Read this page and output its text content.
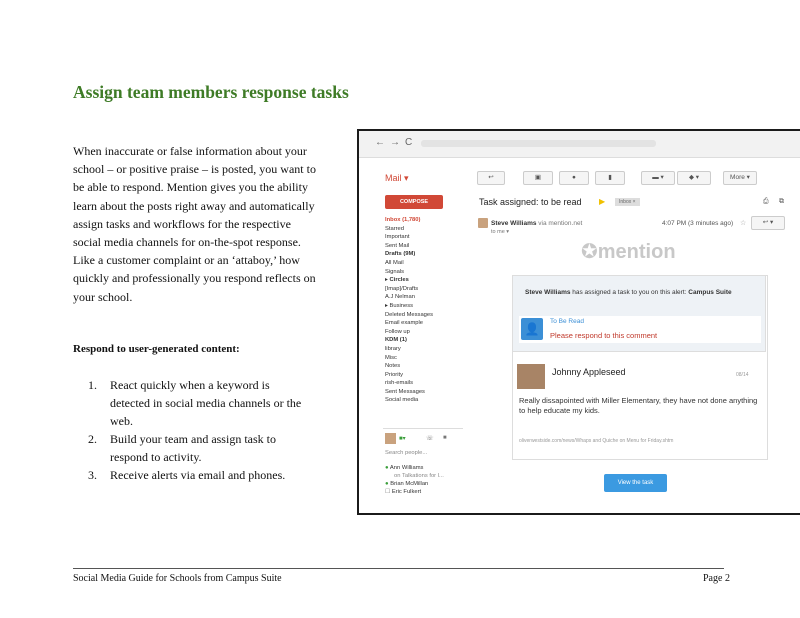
Assign team members response tasks
When inaccurate or false information about your school – or positive praise – is posted, you want to be able to respond. Mention gives you the ability learn about the posts right away and automatically assign tasks and workflows for the respective social media channels for on-the-spot response. Like a customer complaint or an ‘attaboy,’ how quickly and professionally you respond reflects on your school.
Respond to user-generated content:
1.	React quickly when a keyword is detected in social media channels or the web.
2.	Build your team and assign task to respond to activity.
3.	Receive alerts via email and phones.
Social Media Guide for Schools from Campus Suite	Page 2
← → C
Mail ▾	↩	▣	●	▮	▬ ▾	◆ ▾	More ▾
COMPOSE
Inbox (1,780)
Starred
Important
Sent Mail
Drafts (9M)
All Mail
Signals
▸ Circles
[Imap]/Drafts
A.J Nelman
▸ Business
Deleted Messages
Email example
Follow up
KDM (1)
library
Misc
Notes
Priority
rish-emails
Sent Messages
Social media
■▾	☏ ■
Search people...
● Ann Williams
on Talkations for l...
● Brian McMillan
☐ Eric Fulkert
Task assigned: to be read ▶	Inbox ×	⎙ ⧉
Steve Williams via mention.net
to me ▾
4:07 PM (3 minutes ago) ☆	↩ ▾
✪mention
Steve Williams has assigned a task to you on this alert: Campus Suite
👤
To Be Read
Please respond to this comment
Johnny Appleseed	08/14
Really dissapointed with Miller Elementary, they have not done anything to help educate my kids.
oliverwestside.com/news/Whaps and Quiche on Menu for Friday.shtm
View the task
